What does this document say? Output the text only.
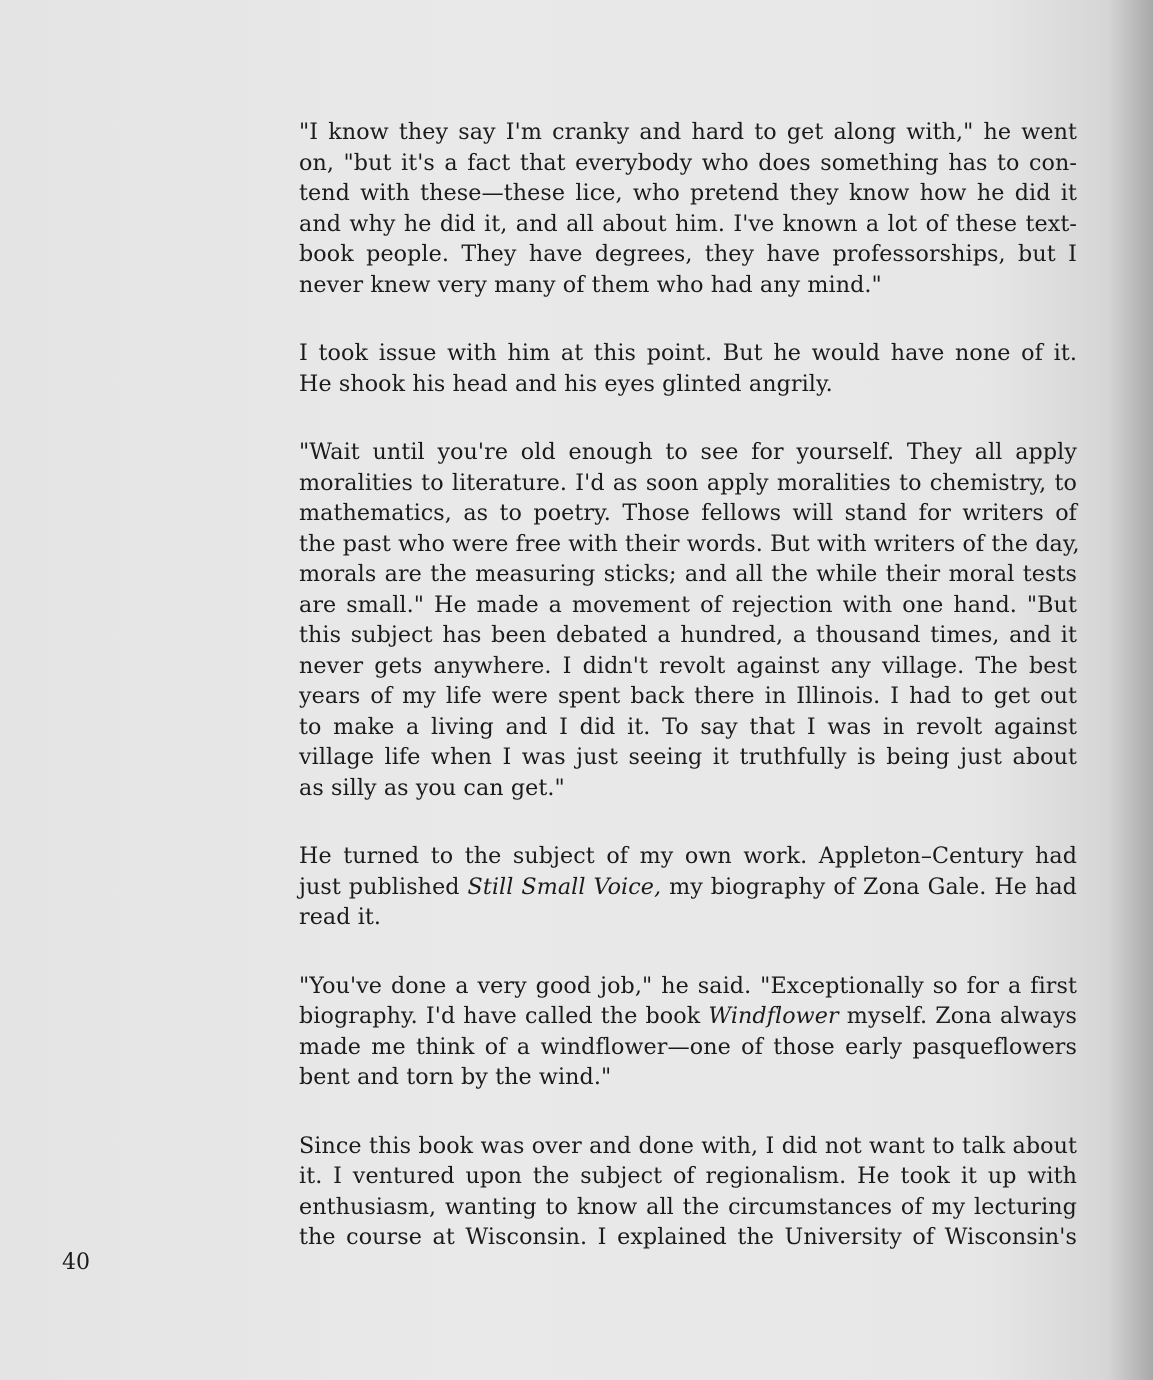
"I know they say I'm cranky and hard to get along with," he went
on, "but it's a fact that everybody who does something has to con-
tend with these—these lice, who pretend they know how he did it
and why he did it, and all about him. I've known a lot of these text-
book people. They have degrees, they have professorships, but I
never knew very many of them who had any mind."

I took issue with him at this point. But he would have none of it.
He shook his head and his eyes glinted angrily.

"Wait until you're old enough to see for yourself. They all apply
moralities to literature. I'd as soon apply moralities to chemistry, to
mathematics, as to poetry. Those fellows will stand for writers of
the past who were free with their words. But with writers of the day,
morals are the measuring sticks; and all the while their moral tests
are small." He made a movement of rejection with one hand. "But
this subject has been debated a hundred, a thousand times, and it
never gets anywhere. I didn't revolt against any village. The best
years of my life were spent back there in Illinois. I had to get out
to make a living and I did it. To say that I was in revolt against
village life when I was just seeing it truthfully is being just about
as silly as you can get."

He turned to the subject of my own work. Appleton–Century had
just published Still Small Voice, my biography of Zona Gale. He had
read it.

"You've done a very good job," he said. "Exceptionally so for a first
biography. I'd have called the book Windflower myself. Zona always
made me think of a windflower—one of those early pasqueflowers
bent and torn by the wind."

Since this book was over and done with, I did not want to talk about
it. I ventured upon the subject of regionalism. He took it up with
enthusiasm, wanting to know all the circumstances of my lecturing
the course at Wisconsin. I explained the University of Wisconsin's

40
